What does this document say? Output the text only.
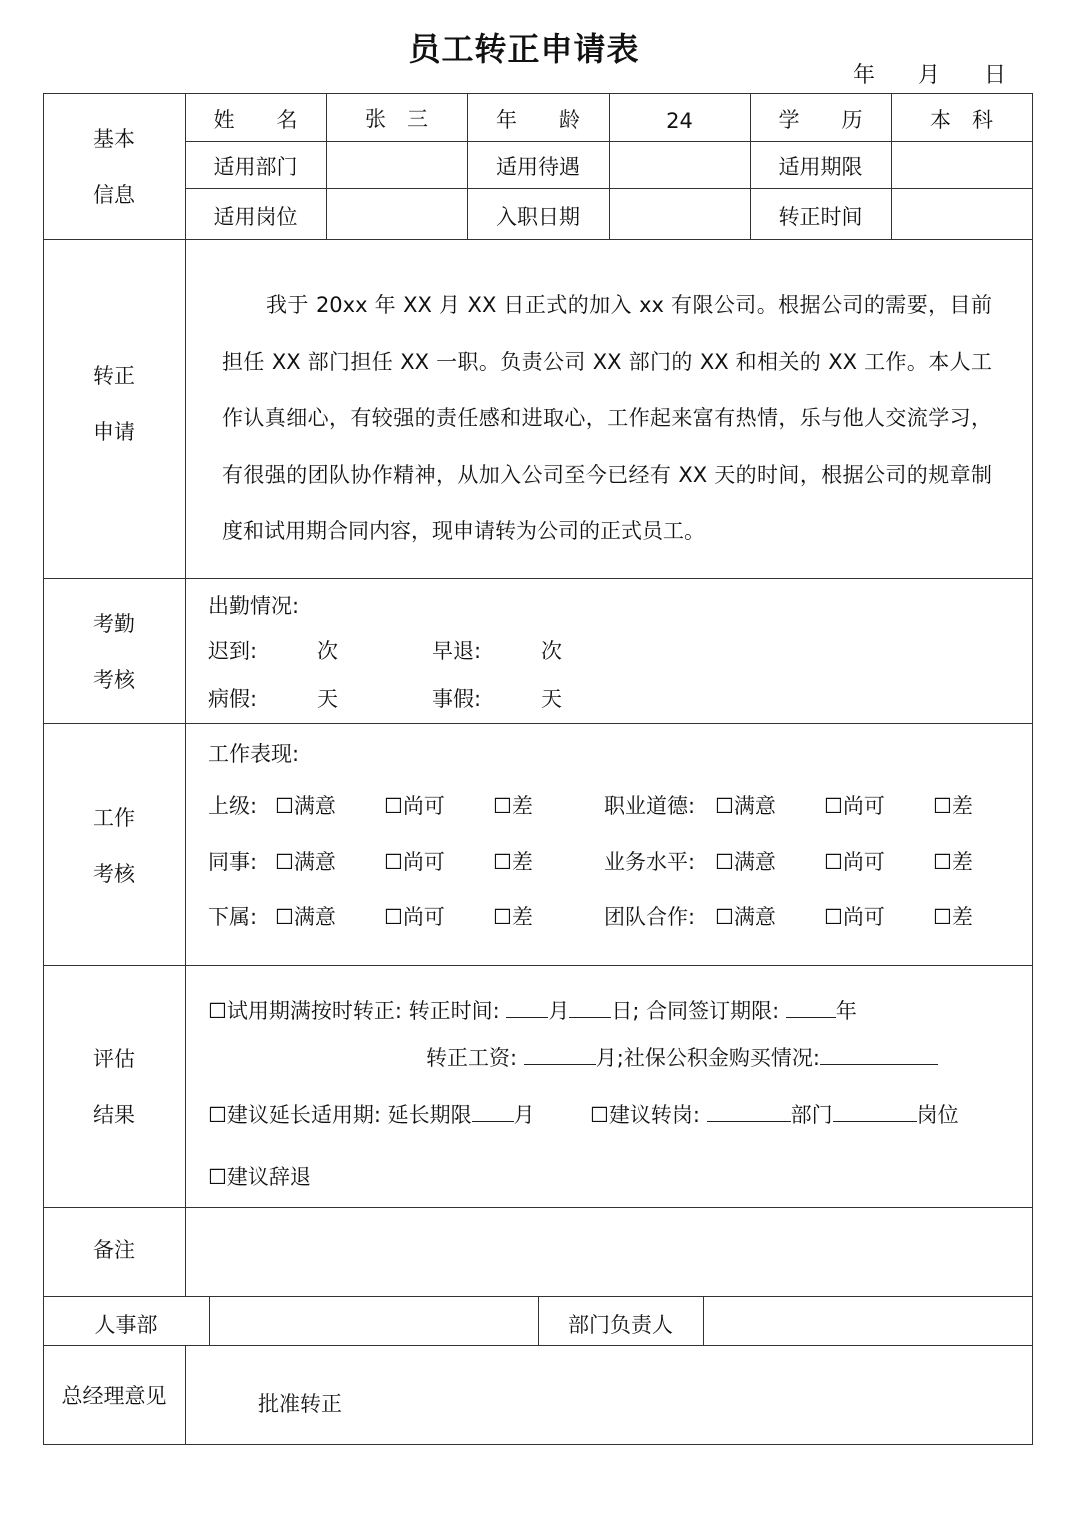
员工转正申请表
年 月 日
基本
信息
姓　　名	张　三	年　　龄	24	学　　历	本　科
适用部门	适用待遇	适用期限
适用岗位	入职日期	转正时间
转正
申请

我于 20xx 年 XX 月 XX 日正式的加入 xx 有限公司。根据公司的需要，目前担任 XX 部门担任 XX 一职。负责公司 XX 部门的 XX 和相关的 XX 工作。本人工作认真细心，有较强的责任感和进取心，工作起来富有热情，乐与他人交流学习，有很强的团队协作精神，从加入公司至今已经有 XX 天的时间，根据公司的规章制度和试用期合同内容，现申请转为公司的正式员工。

考勤
考核
出勤情况:
迟到:	次	早退:	次
病假:	天	事假:	天
工作
考核
工作表现:
上级: ☐满意 ☐尚可 ☐差	职业道德: ☐满意 ☐尚可 ☐差
同事: ☐满意 ☐尚可 ☐差	业务水平: ☐满意 ☐尚可 ☐差
下属: ☐满意 ☐尚可 ☐差	团队合作: ☐满意 ☐尚可 ☐差
评估
结果
☐试用期满按时转正: 转正时间: 月 日; 合同签订期限:	年
转正工资:	月;社保公积金购买情况:
☐建议延长适用期: 延长期限 月	☐建议转岗:	部门	岗位
☐建议辞退
备注
人事部	部门负责人
总经理意见	批准转正
